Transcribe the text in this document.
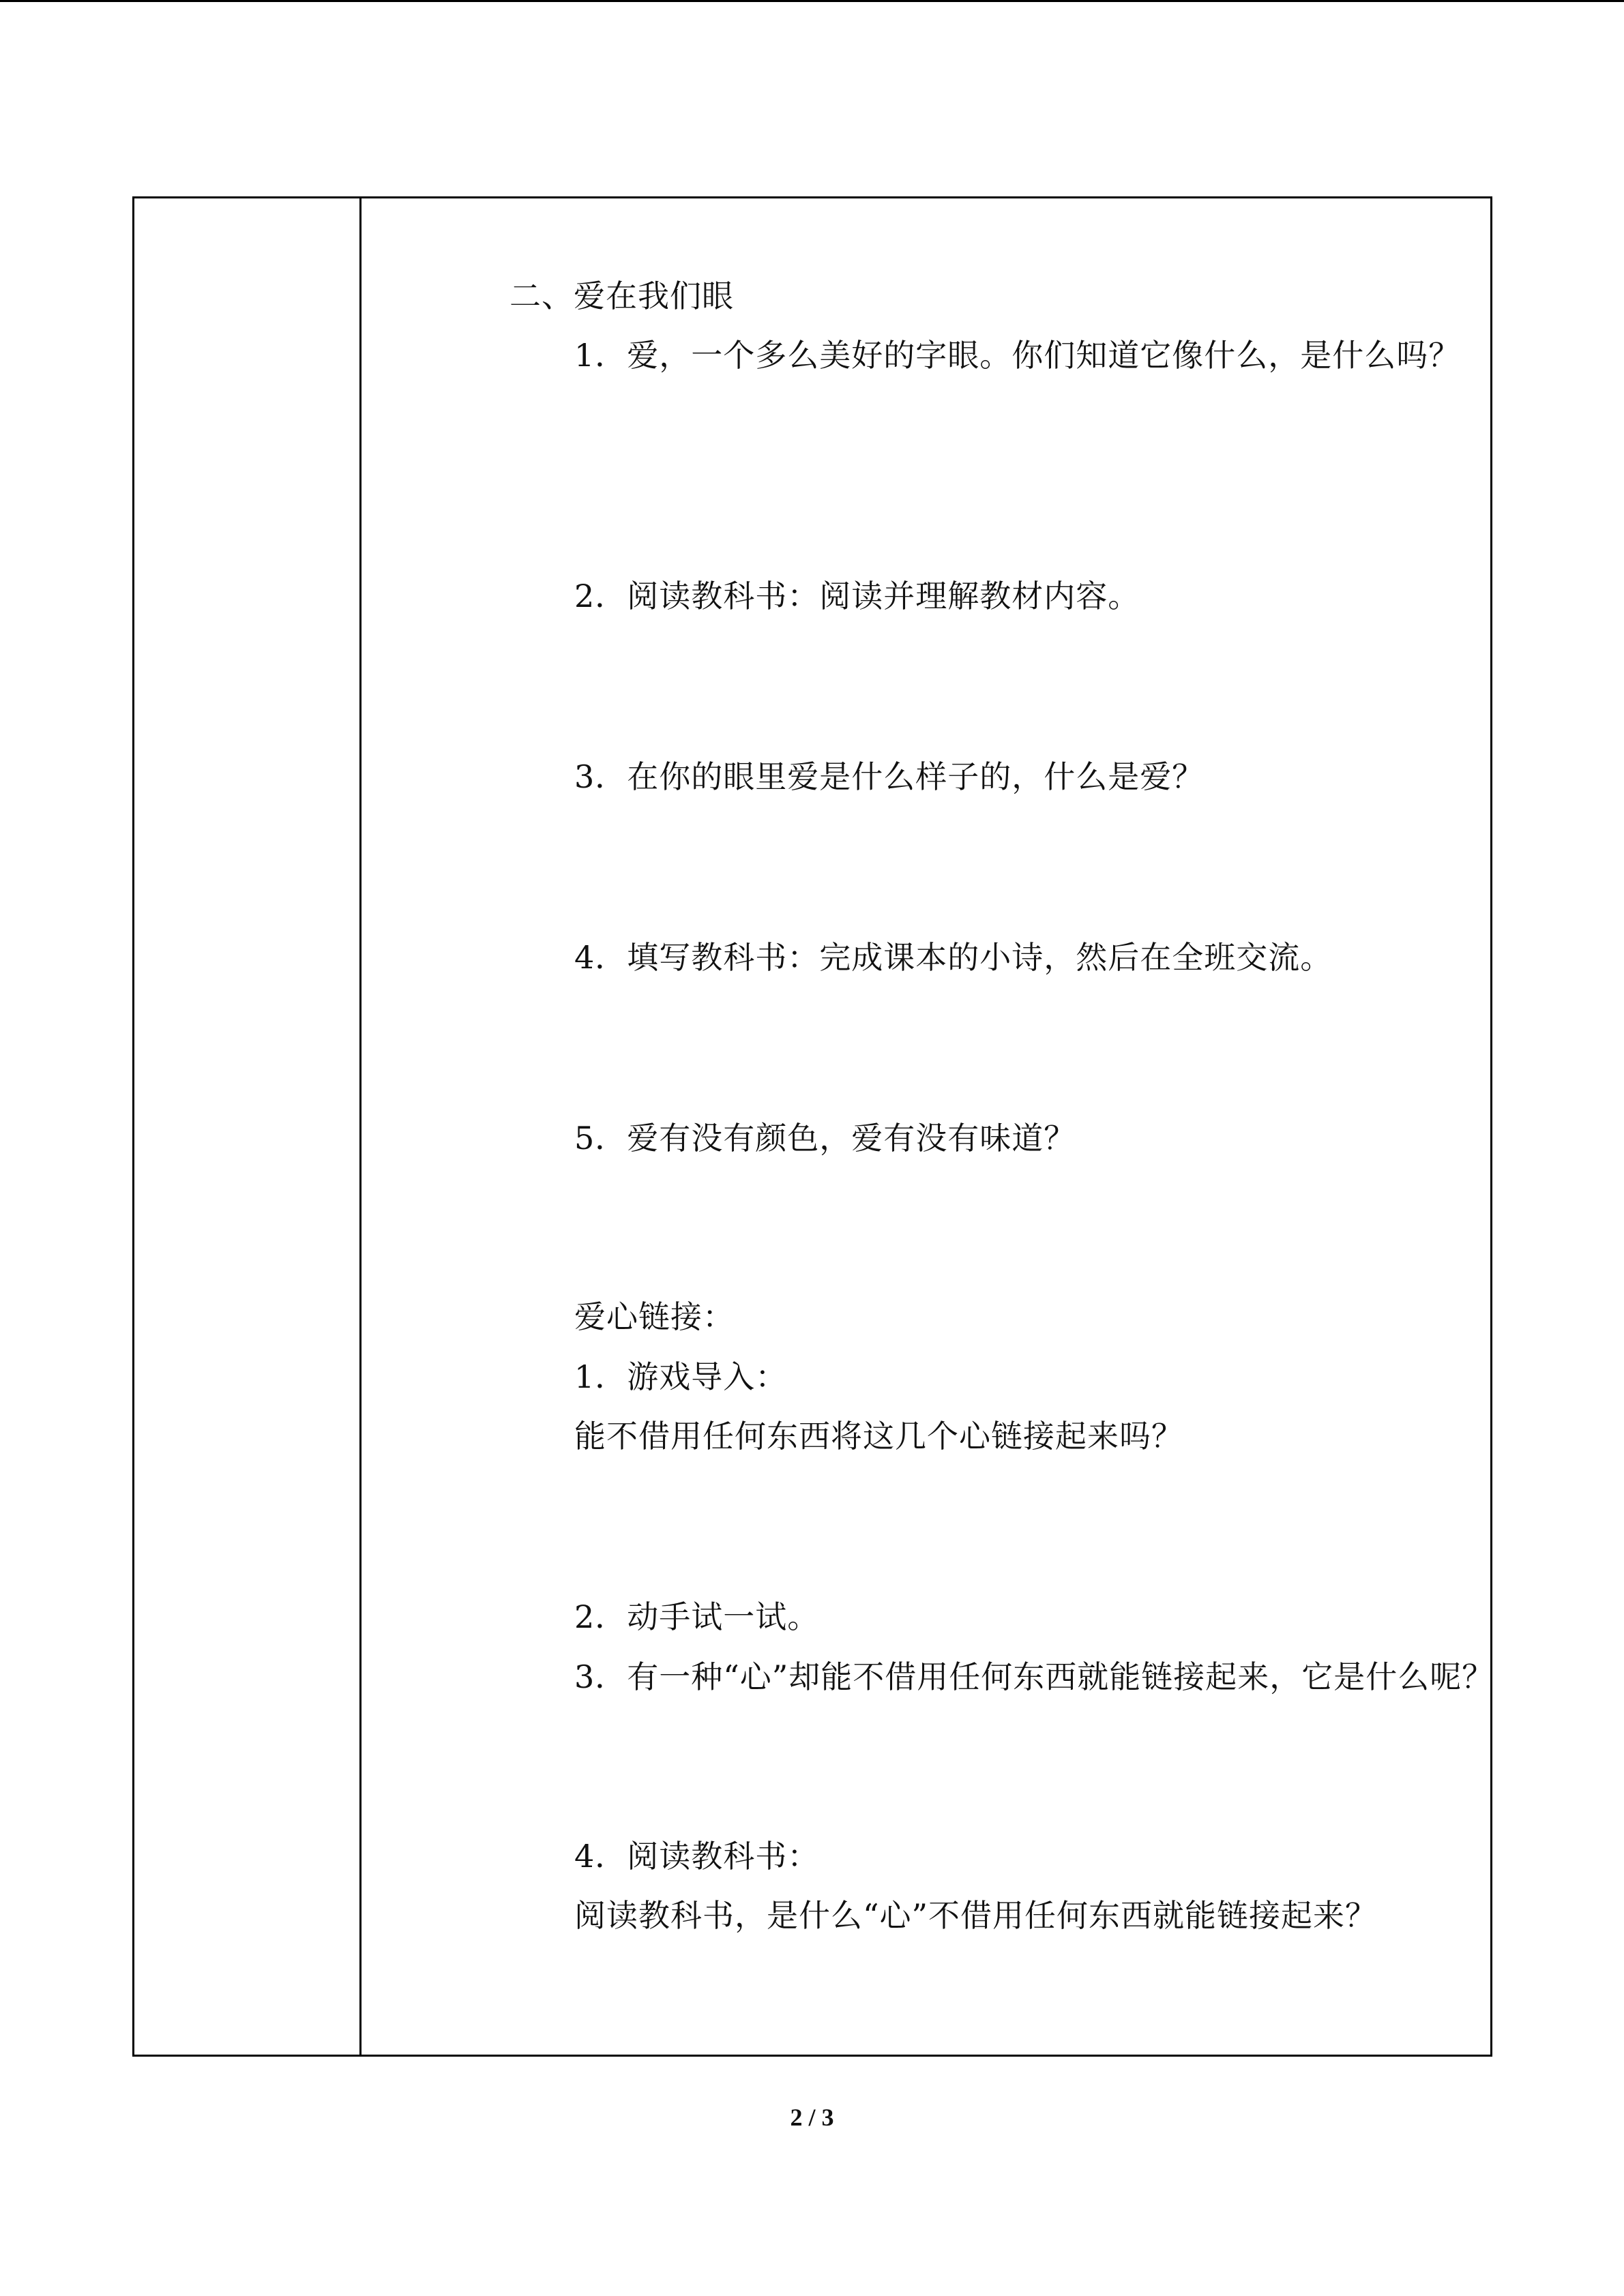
二、爱在我们眼
1．爱，一个多么美好的字眼。你们知道它像什么，是什么吗？
2．阅读教科书：阅读并理解教材内容。
3．在你的眼里爱是什么样子的，什么是爱？
4．填写教科书：完成课本的小诗，然后在全班交流。
5．爱有没有颜色，爱有没有味道？
爱心链接：
1．游戏导入：
能不借用任何东西将这几个心链接起来吗？
2．动手试一试。
3．有一种“心”却能不借用任何东西就能链接起来，它是什么呢？
4．阅读教科书：
阅读教科书，是什么“心”不借用任何东西就能链接起来？
2 / 3
